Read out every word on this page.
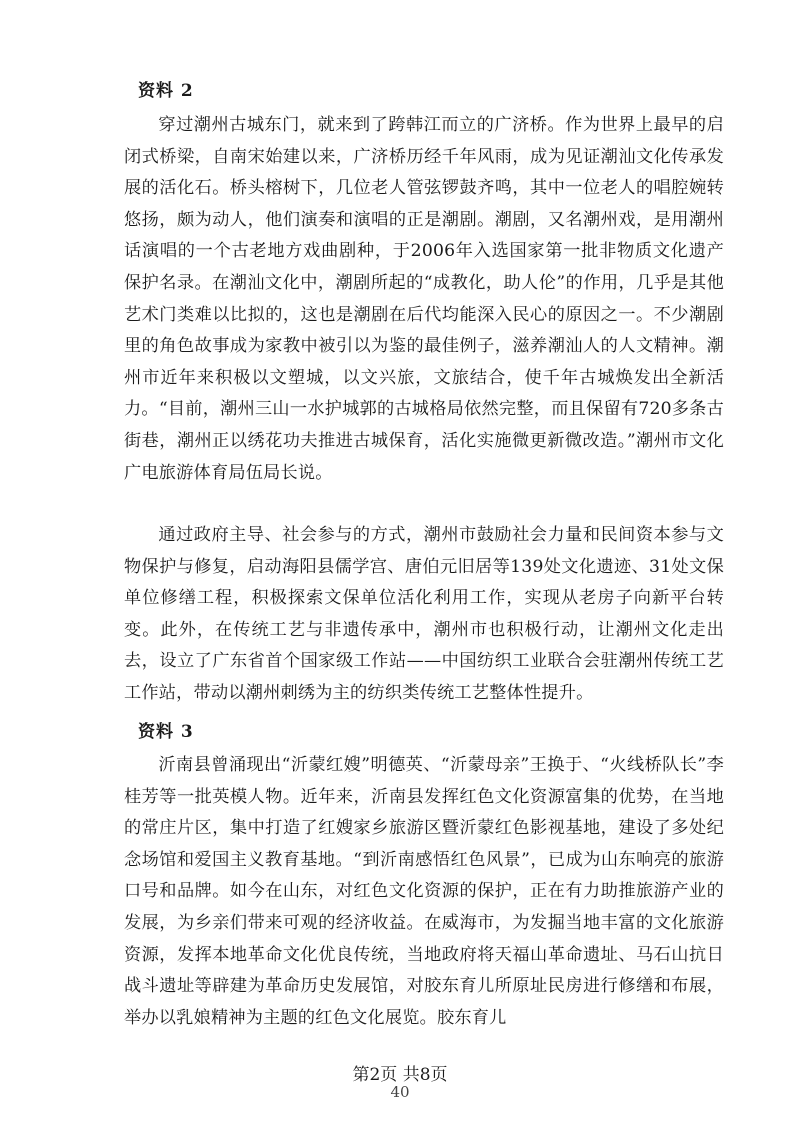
资料 2

穿过潮州古城东门，就来到了跨韩江而立的广济桥。作为世界上最早的启闭式桥梁，自南宋始建以来，广济桥历经千年风雨，成为见证潮汕文化传承发展的活化石。桥头榕树下，几位老人管弦锣鼓齐鸣，其中一位老人的唱腔婉转悠扬，颇为动人，他们演奏和演唱的正是潮剧。潮剧，又名潮州戏，是用潮州话演唱的一个古老地方戏曲剧种，于2006年入选国家第一批非物质文化遗产保护名录。在潮汕文化中，潮剧所起的“成教化，助人伦”的作用，几乎是其他艺术门类难以比拟的，这也是潮剧在后代均能深入民心的原因之一。不少潮剧里的角色故事成为家教中被引以为鉴的最佳例子，滋养潮汕人的人文精神。潮州市近年来积极以文塑城，以文兴旅，文旅结合，使千年古城焕发出全新活力。“目前，潮州三山一水护城郭的古城格局依然完整，而且保留有720多条古街巷，潮州正以绣花功夫推进古城保育，活化实施微更新微改造。”潮州市文化广电旅游体育局伍局长说。

通过政府主导、社会参与的方式，潮州市鼓励社会力量和民间资本参与文物保护与修复，启动海阳县儒学宫、唐伯元旧居等139处文化遗迹、31处文保单位修缮工程，积极探索文保单位活化利用工作，实现从老房子向新平台转变。此外，在传统工艺与非遗传承中，潮州市也积极行动，让潮州文化走出去，设立了广东省首个国家级工作站——中国纺织工业联合会驻潮州传统工艺工作站，带动以潮州刺绣为主的纺织类传统工艺整体性提升。

资料 3

沂南县曾涌现出“沂蒙红嫂”明德英、“沂蒙母亲”王换于、“火线桥队长”李桂芳等一批英模人物。近年来，沂南县发挥红色文化资源富集的优势，在当地的常庄片区，集中打造了红嫂家乡旅游区暨沂蒙红色影视基地，建设了多处纪念场馆和爱国主义教育基地。“到沂南感悟红色风景”，已成为山东响亮的旅游口号和品牌。如今在山东，对红色文化资源的保护，正在有力助推旅游产业的发展，为乡亲们带来可观的经济收益。在威海市，为发掘当地丰富的文化旅游资源，发挥本地革命文化优良传统，当地政府将天福山革命遗址、马石山抗日战斗遗址等辟建为革命历史发展馆，对胶东育儿所原址民房进行修缮和布展，举办以乳娘精神为主题的红色文化展览。胶东育儿

第2页 共8页
40
